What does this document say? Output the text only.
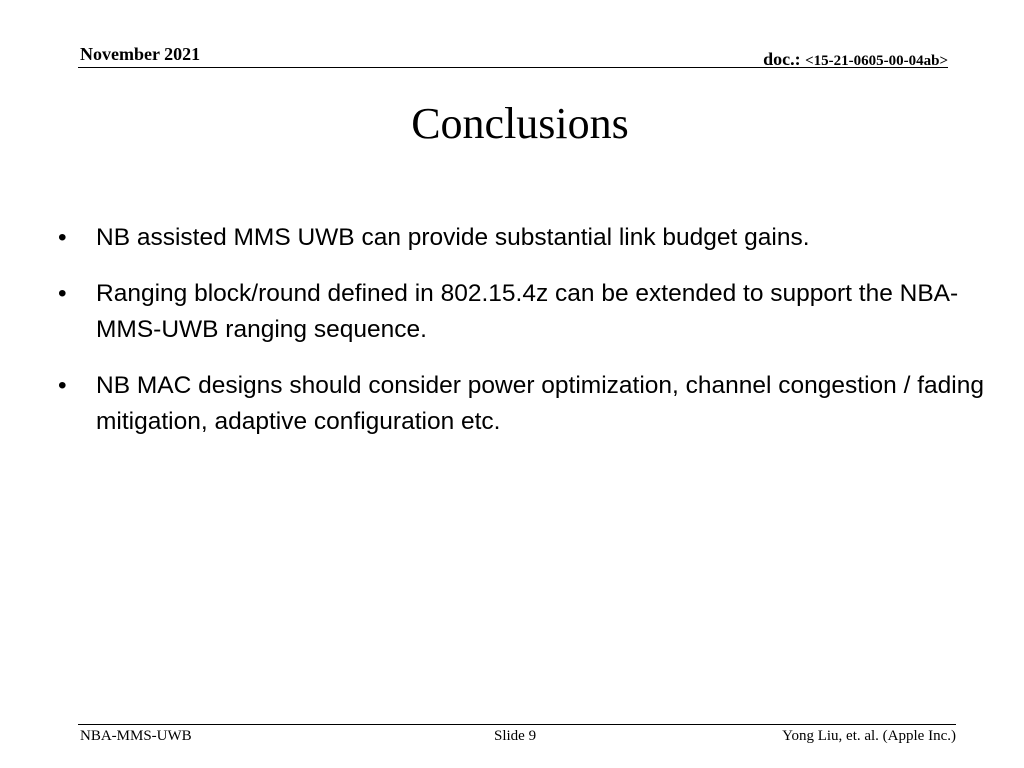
November 2021	doc.: <15-21-0605-00-04ab>
Conclusions
• NB assisted MMS UWB can provide substantial link budget gains.
• Ranging block/round defined in 802.15.4z can be extended to support the NBA-MMS-UWB ranging sequence.
• NB MAC designs should consider power optimization, channel congestion / fading mitigation, adaptive configuration etc.
NBA-MMS-UWB	Slide 9	Yong Liu, et. al. (Apple Inc.)
